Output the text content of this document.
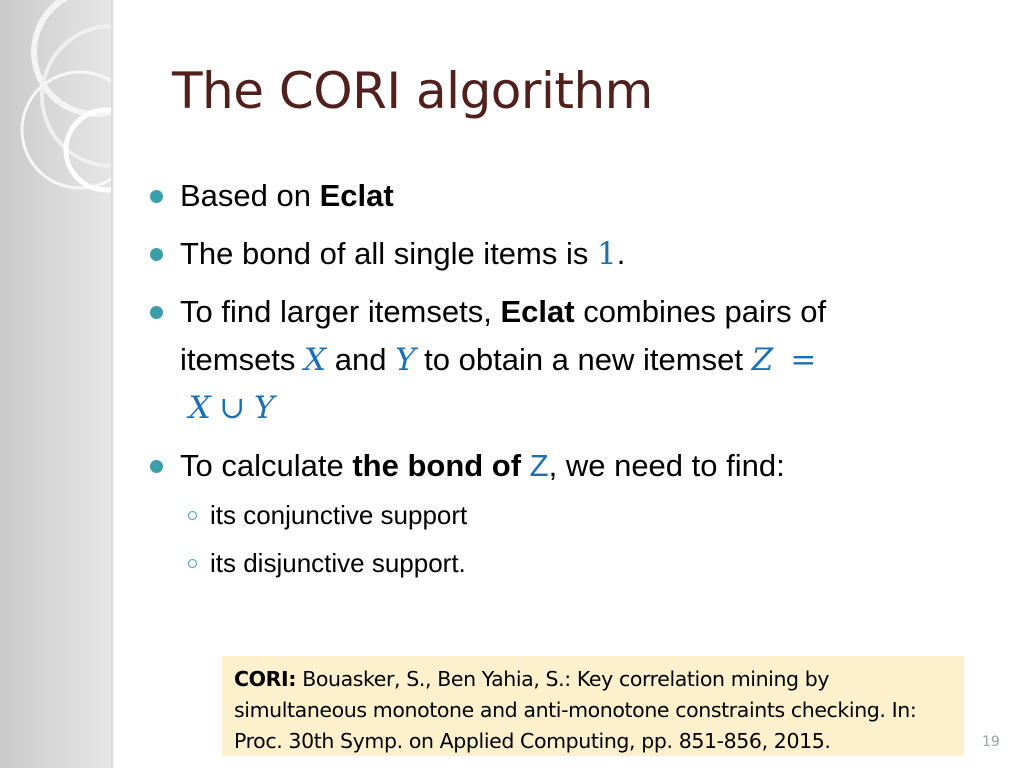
The CORI algorithm

Based on Eclat

The bond of all single items is 1.

To find larger itemsets, Eclat combines pairs of
itemsets X and Y to obtain a new itemset Z =
X ∪ Y

To calculate the bond of Z, we need to find:

its conjunctive support
its disjunctive support.
CORI: Bouasker, S., Ben Yahia, S.: Key correlation mining by simultaneous monotone and anti-monotone constraints checking. In: Proc. 30th Symp. on Applied Computing, pp. 851-856, 2015.	19
